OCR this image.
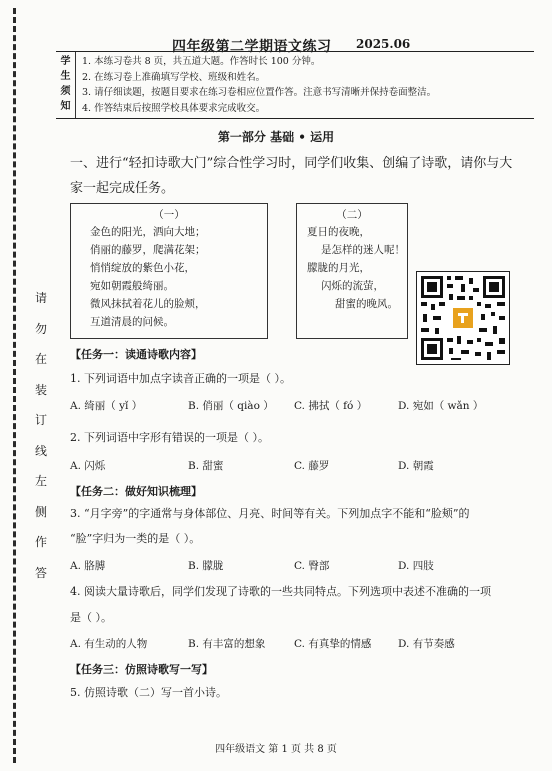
请
勿
在
装
订
线
左
侧
作
答
四年级第二学期语文练习 2025.06
学
生
须
知
1. 本练习卷共 8 页，共五道大题。作答时长 100 分钟。
2. 在练习卷上准确填写学校、班级和姓名。
3. 请仔细读题，按题目要求在练习卷相应位置作答。注意书写清晰并保持卷面整洁。
4. 作答结束后按照学校具体要求完成收交。
第一部分 基础 • 运用
一、进行“轻扣诗歌大门”综合性学习时，同学们收集、创编了诗歌，请你与大
家一起完成任务。
（一）
金色的阳光，洒向大地；
俏丽的藤罗，爬满花架；
悄悄绽放的紫色小花，
宛如朝霞般绮丽。
微风抹拭着花儿的脸颊，
互道清晨的问候。
（二）
夏日的夜晚，
是怎样的迷人呢！
朦胧的月光，
闪烁的流萤，
甜蜜的晚风。
【任务一：读通诗歌内容】
1. 下列词语中加点字读音正确的一项是（ ）。
A. 绮丽（ yǐ ）	B. 俏丽（ qiào ） C. 拂拭（ fó ）	D. 宛如（ wǎn ）
2. 下列词语中字形有错误的一项是（ ）。
A. 闪烁	B. 甜蜜	C. 藤罗	D. 朝霞
【任务二：做好知识梳理】
3. “月字旁”的字通常与身体部位、月亮、时间等有关。下列加点字不能和“脸颊”的
“脸”字归为一类的是（ ）。
A. 胳膊	B. 朦胧	C. 臀部	D. 四肢
4. 阅读大量诗歌后，同学们发现了诗歌的一些共同特点。下列选项中表述不准确的一项
是（ ）。
A. 有生动的人物	B. 有丰富的想象	C. 有真挚的情感	D. 有节奏感
【任务三：仿照诗歌写一写】
5. 仿照诗歌（二）写一首小诗。
四年级语文 第 1 页 共 8 页
